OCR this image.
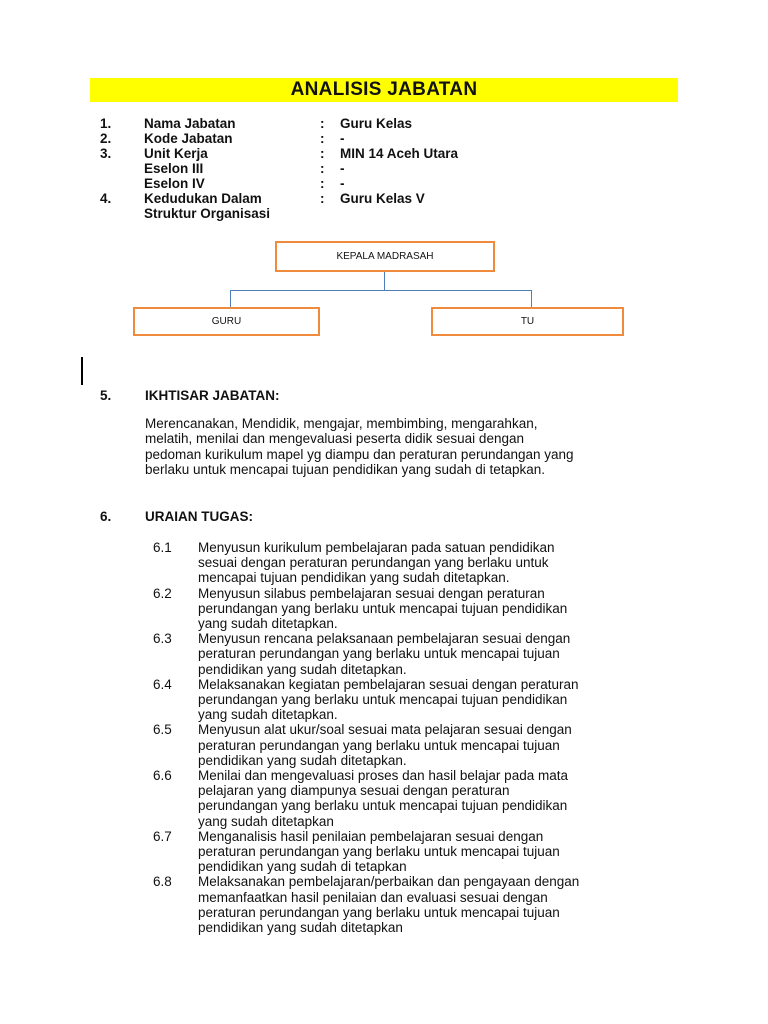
ANALISIS JABATAN
1. Nama Jabatan	: Guru Kelas
2. Kode Jabatan	: -
3. Unit Kerja	: MIN 14 Aceh Utara
Eselon III	: -
Eselon IV	: -
4. Kedudukan Dalam	: Guru Kelas V
Struktur Organisasi
KEPALA MADRASAH
GURU	TU
5. IKHTISAR JABATAN:
Merencanakan, Mendidik, mengajar, membimbing, mengarahkan,
melatih, menilai dan mengevaluasi peserta didik sesuai dengan
pedoman kurikulum mapel yg diampu dan peraturan perundangan yang
berlaku untuk mencapai tujuan pendidikan yang sudah di tetapkan.
6. URAIAN TUGAS:
6.1 Menyusun kurikulum pembelajaran pada satuan pendidikan
sesuai dengan peraturan perundangan yang berlaku untuk
mencapai tujuan pendidikan yang sudah ditetapkan.
6.2 Menyusun silabus pembelajaran sesuai dengan peraturan
perundangan yang berlaku untuk mencapai tujuan pendidikan
yang sudah ditetapkan.
6.3 Menyusun rencana pelaksanaan pembelajaran sesuai dengan
peraturan perundangan yang berlaku untuk mencapai tujuan
pendidikan yang sudah ditetapkan.
6.4 Melaksanakan kegiatan pembelajaran sesuai dengan peraturan
perundangan yang berlaku untuk mencapai tujuan pendidikan
yang sudah ditetapkan.
6.5 Menyusun alat ukur/soal sesuai mata pelajaran sesuai dengan
peraturan perundangan yang berlaku untuk mencapai tujuan
pendidikan yang sudah ditetapkan.
6.6 Menilai dan mengevaluasi proses dan hasil belajar pada mata
pelajaran yang diampunya sesuai dengan peraturan
perundangan yang berlaku untuk mencapai tujuan pendidikan
yang sudah ditetapkan
6.7 Menganalisis hasil penilaian pembelajaran sesuai dengan
peraturan perundangan yang berlaku untuk mencapai tujuan
pendidikan yang sudah di tetapkan
6.8 Melaksanakan pembelajaran/perbaikan dan pengayaan dengan
memanfaatkan hasil penilaian dan evaluasi sesuai dengan
peraturan perundangan yang berlaku untuk mencapai tujuan
pendidikan yang sudah ditetapkan
